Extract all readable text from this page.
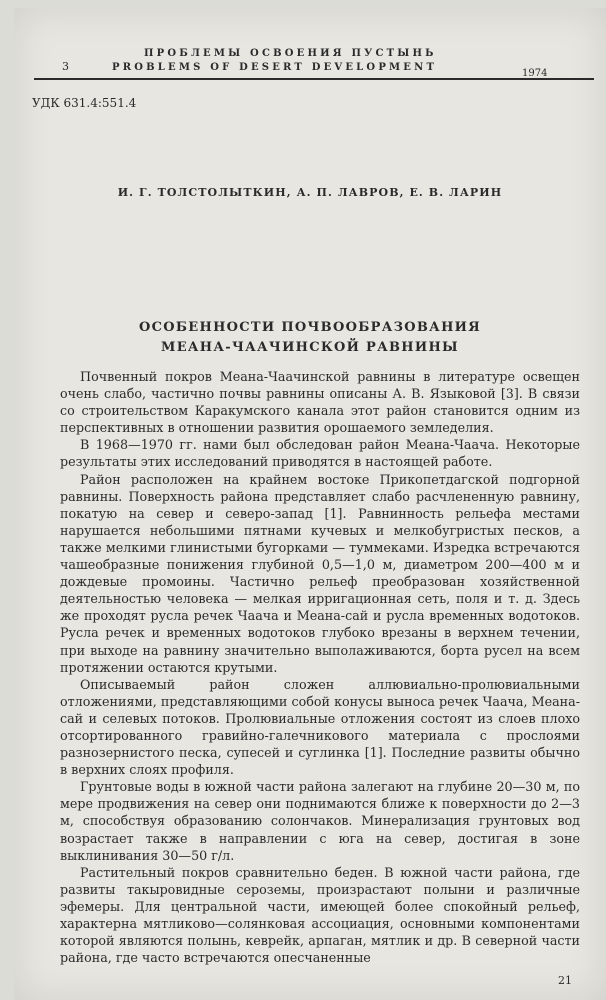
3
ПРОБЛЕМЫ ОСВОЕНИЯ ПУСТЫНЬ
PROBLEMS OF DESERT DEVELOPMENT
1974
УДК 631.4:551.4
И. Г. ТОЛСТОЛЫТКИН, А. П. ЛАВРОВ, Е. В. ЛАРИН
ОСОБЕННОСТИ ПОЧВООБРАЗОВАНИЯ
МЕАНА-ЧААЧИНСКОЙ РАВНИНЫ

Почвенный покров Меана-Чаачинской равнины в литературе освещен очень слабо, частично почвы равнины описаны А. В. Языковой [3]. В связи со строительством Каракумского канала этот район становится одним из перспективных в отношении развития орошаемого земледелия.

В 1968—1970 гг. нами был обследован район Меана-Чаача. Некоторые результаты этих исследований приводятся в настоящей работе.

Район расположен на крайнем востоке Прикопетдагской подгорной равнины. Поверхность района представляет слабо расчлененную равнину, покатую на север и северо-запад [1]. Равнинность рельефа местами нарушается небольшими пятнами кучевых и мелкобугристых песков, а также мелкими глинистыми бугорками — туммеками. Изредка встречаются чашеобразные понижения глубиной 0,5—1,0 м, диаметром 200—400 м и дождевые промоины. Частично рельеф преобразован хозяйственной деятельностью человека — мелкая ирригационная сеть, поля и т. д. Здесь же проходят русла речек Чаача и Меана-сай и русла временных водотоков. Русла речек и временных водотоков глубоко врезаны в верхнем течении, при выходе на равнину значительно выполаживаются, борта русел на всем протяжении остаются крутыми.

Описываемый район сложен аллювиально-пролювиальными отложениями, представляющими собой конусы выноса речек Чаача, Меана-сай и селевых потоков. Пролювиальные отложения состоят из слоев плохо отсортированного гравийно-галечникового материала с прослоями разнозернистого песка, супесей и суглинка [1]. Последние развиты обычно в верхних слоях профиля.

Грунтовые воды в южной части района залегают на глубине 20—30 м, по мере продвижения на север они поднимаются ближе к поверхности до 2—3 м, способствуя образованию солончаков. Минерализация грунтовых вод возрастает также в направлении с юга на север, достигая в зоне выклинивания 30—50 г/л.

Растительный покров сравнительно беден. В южной части района, где развиты такыровидные сероземы, произрастают полыни и различные эфемеры. Для центральной части, имеющей более спокойный рельеф, характерна мятликово—солянковая ассоциация, основными компонентами которой являются полынь, кеврейк, арпаган, мятлик и др. В северной части района, где часто встречаются опесчаненные

21
